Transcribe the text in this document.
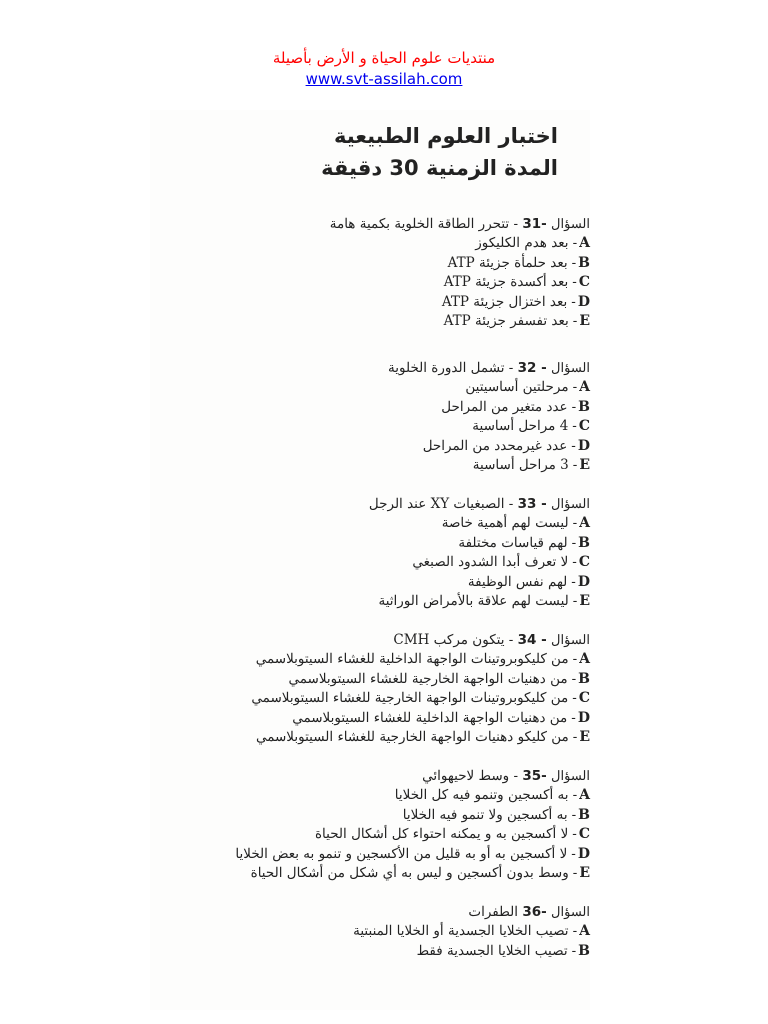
منتديات علوم الحياة و الأرض بأصيلة
www.svt-assilah.com
اختبار العلوم الطبيعية
المدة الزمنية 30 دقيقة
السؤال -31 - تتحرر الطاقة الخلوية بكمية هامة
A-بعد هدم الكليكوز
B-بعد حلمأة جزيئة ATP
C-بعد أكسدة جزيئة ATP
D-بعد اختزال جزيئة ATP
E-بعد تفسفر جزيئة ATP
السؤال - 32 - تشمل الدورة الخلوية
A-مرحلتين أساسيتين
B-عدد متغير من المراحل
C-4 مراحل أساسية
D-عدد غيرمحدد من المراحل
E-3 مراحل أساسية
السؤال - 33 - الصبغيات XY عند الرجل
A-ليست لهم أهمية خاصة
B-لهم قياسات مختلفة
C-لا تعرف أبدا الشدود الصبغي
D-لهم نفس الوظيفة
E-ليست لهم علاقة بالأمراض الوراثية
السؤال - 34 - يتكون مركب CMH
A-من كليكوبروتينات الواجهة الداخلية للغشاء السيتوبلاسمي
B-من دهنيات الواجهة الخارجية للغشاء السيتوبلاسمي
C-من كليكوبروتينات الواجهة الخارجية للغشاء السيتوبلاسمي
D-من دهنيات الواجهة الداخلية للغشاء السيتوبلاسمي
E-من كليكو دهنيات الواجهة الخارجية للغشاء السيتوبلاسمي
السؤال -35 - وسط لاحيهوائي
A-به أكسجين وتنمو فيه كل الخلايا
B-به أكسجين ولا تنمو فيه الخلايا
C-لا أكسجين به و يمكنه احتواء كل أشكال الحياة
D-لا أكسجين به أو به قليل من الأكسجين و تنمو به بعض الخلايا
E-وسط بدون أكسجين و ليس به أي شكل من أشكال الحياة
السؤال -36 الطفرات
A-تصيب الخلايا الجسدية أو الخلايا المنبتية
B-تصيب الخلايا الجسدية فقط
